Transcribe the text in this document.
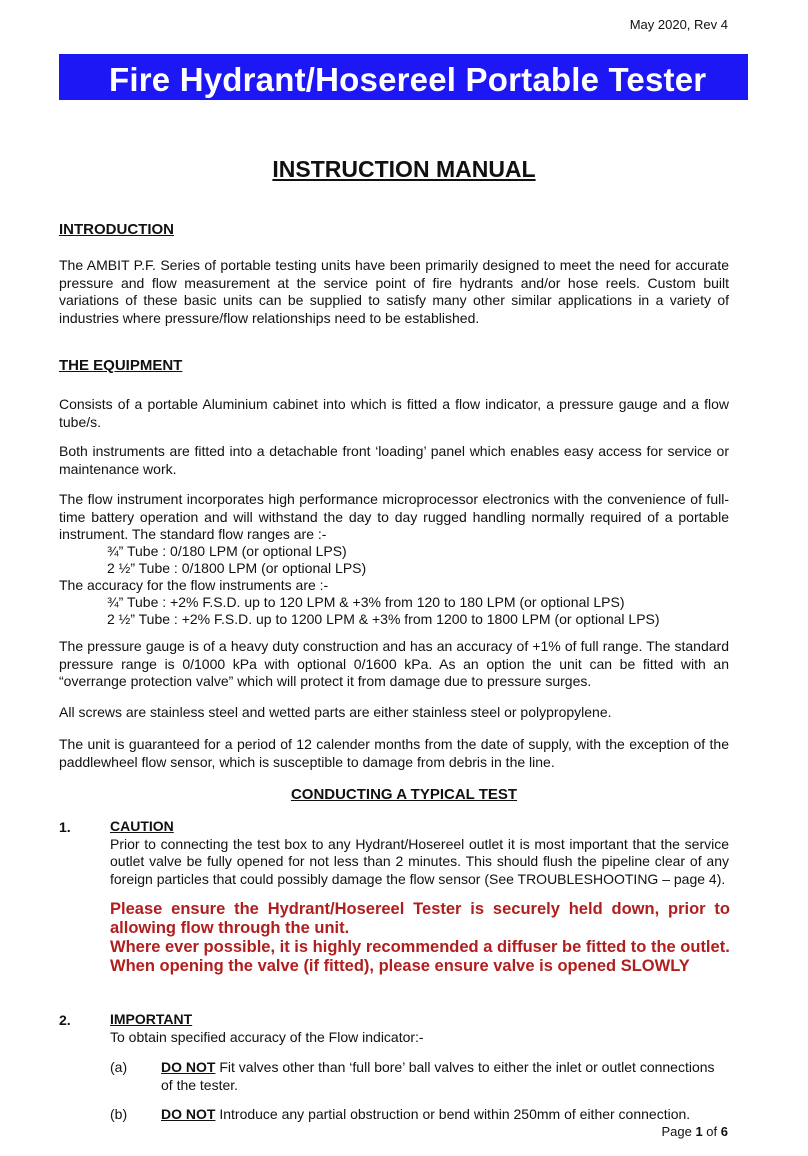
May 2020, Rev 4
Fire Hydrant/Hosereel Portable Tester
INSTRUCTION MANUAL
INTRODUCTION
The AMBIT P.F. Series of portable testing units have been primarily designed to meet the need for accurate pressure and flow measurement at the service point of fire hydrants and/or hose reels. Custom built variations of these basic units can be supplied to satisfy many other similar applications in a variety of industries where pressure/flow relationships need to be established.
THE EQUIPMENT
Consists of a portable Aluminium cabinet into which is fitted a flow indicator, a pressure gauge and a flow tube/s.
Both instruments are fitted into a detachable front ‘loading’ panel which enables easy access for service or maintenance work.
The flow instrument incorporates high performance microprocessor electronics with the convenience of full-time battery operation and will withstand the day to day rugged handling normally required of a portable instrument. The standard flow ranges are :-
¾” Tube : 0/180 LPM (or optional LPS)
2 ½” Tube : 0/1800 LPM (or optional LPS)
The accuracy for the flow instruments are :-
¾” Tube : +2% F.S.D. up to 120 LPM & +3% from 120 to 180 LPM (or optional LPS)
2 ½” Tube : +2% F.S.D. up to 1200 LPM & +3% from 1200 to 1800 LPM (or optional LPS)
The pressure gauge is of a heavy duty construction and has an accuracy of +1% of full range. The standard pressure range is 0/1000 kPa with optional 0/1600 kPa. As an option the unit can be fitted with an “overrange protection valve” which will protect it from damage due to pressure surges.
All screws are stainless steel and wetted parts are either stainless steel or polypropylene.
The unit is guaranteed for a period of 12 calender months from the date of supply, with the exception of the paddlewheel flow sensor, which is susceptible to damage from debris in the line.
CONDUCTING A TYPICAL TEST
1.	CAUTION
Prior to connecting the test box to any Hydrant/Hosereel outlet it is most important that the service outlet valve be fully opened for not less than 2 minutes. This should flush the pipeline clear of any foreign particles that could possibly damage the flow sensor (See TROUBLESHOOTING – page 4).
Please ensure the Hydrant/Hosereel Tester is securely held down, prior to allowing flow through the unit.
Where ever possible, it is highly recommended a diffuser be fitted to the outlet.
When opening the valve (if fitted), please ensure valve is opened SLOWLY
2.	IMPORTANT
To obtain specified accuracy of the Flow indicator:-
(a) DO NOT Fit valves other than ‘full bore’ ball valves to either the inlet or outlet connections of the tester.
(b) DO NOT Introduce any partial obstruction or bend within 250mm of either connection.
Page 1 of 6
